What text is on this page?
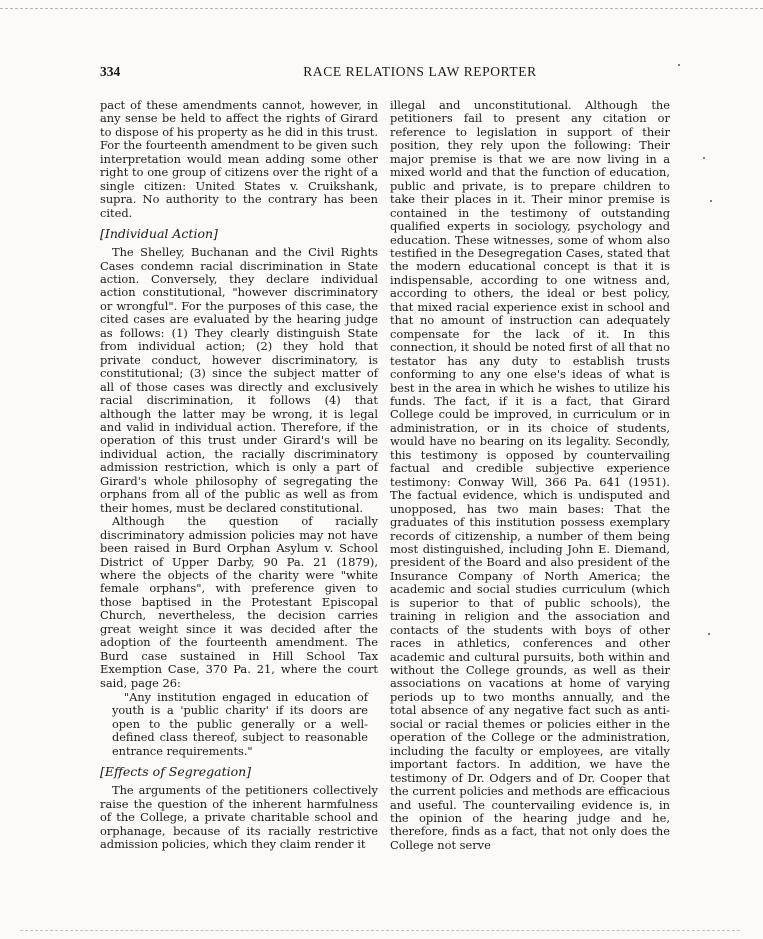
334	RACE RELATIONS LAW REPORTER

pact of these amendments cannot, however, in any sense be held to affect the rights of Girard to dispose of his property as he did in this trust. For the fourteenth amendment to be given such interpretation would mean adding some other right to one group of citizens over the right of a single citizen: United States v. Cruikshank, supra. No authority to the contrary has been cited.

[Individual Action]

The Shelley, Buchanan and the Civil Rights Cases condemn racial discrimination in State action. Conversely, they declare individual action constitutional, "however discriminatory or wrongful". For the purposes of this case, the cited cases are evaluated by the hearing judge as follows: (1) They clearly distinguish State from individual action; (2) they hold that private conduct, however discriminatory, is constitutional; (3) since the subject matter of all of those cases was directly and exclusively racial discrimination, it follows (4) that although the latter may be wrong, it is legal and valid in individual action. Therefore, if the operation of this trust under Girard's will be individual action, the racially discriminatory admission restriction, which is only a part of Girard's whole philosophy of segregating the orphans from all of the public as well as from their homes, must be declared constitutional.

Although the question of racially discriminatory admission policies may not have been raised in Burd Orphan Asylum v. School District of Upper Darby, 90 Pa. 21 (1879), where the objects of the charity were "white female orphans", with preference given to those baptised in the Protestant Episcopal Church, nevertheless, the decision carries great weight since it was decided after the adoption of the fourteenth amendment. The Burd case sustained in Hill School Tax Exemption Case, 370 Pa. 21, where the court said, page 26:

"Any institution engaged in education of youth is a 'public charity' if its doors are open to the public generally or a well-defined class thereof, subject to reasonable entrance requirements."
[Effects of Segregation]

The arguments of the petitioners collectively raise the question of the inherent harmfulness of the College, a private charitable school and orphanage, because of its racially restrictive admission policies, which they claim render it

illegal and unconstitutional. Although the petitioners fail to present any citation or reference to legislation in support of their position, they rely upon the following: Their major premise is that we are now living in a mixed world and that the function of education, public and private, is to prepare children to take their places in it. Their minor premise is contained in the testimony of outstanding qualified experts in sociology, psychology and education. These witnesses, some of whom also testified in the Desegregation Cases, stated that the modern educational concept is that it is indispensable, according to one witness and, according to others, the ideal or best policy, that mixed racial experience exist in school and that no amount of instruction can adequately compensate for the lack of it. In this connection, it should be noted first of all that no testator has any duty to establish trusts conforming to any one else's ideas of what is best in the area in which he wishes to utilize his funds. The fact, if it is a fact, that Girard College could be improved, in curriculum or in administration, or in its choice of students, would have no bearing on its legality. Secondly, this testimony is opposed by countervailing factual and credible subjective experience testimony: Conway Will, 366 Pa. 641 (1951). The factual evidence, which is undisputed and unopposed, has two main bases: That the graduates of this institution possess exemplary records of citizenship, a number of them being most distinguished, including John E. Diemand, president of the Board and also president of the Insurance Company of North America; the academic and social studies curriculum (which is superior to that of public schools), the training in religion and the association and contacts of the students with boys of other races in athletics, conferences and other academic and cultural pursuits, both within and without the College grounds, as well as their associations on vacations at home of varying periods up to two months annually, and the total absence of any negative fact such as anti-social or racial themes or policies either in the operation of the College or the administration, including the faculty or employees, are vitally important factors. In addition, we have the testimony of Dr. Odgers and of Dr. Cooper that the current policies and methods are efficacious and useful. The countervailing evidence is, in the opinion of the hearing judge and he, therefore, finds as a fact, that not only does the College not serve
